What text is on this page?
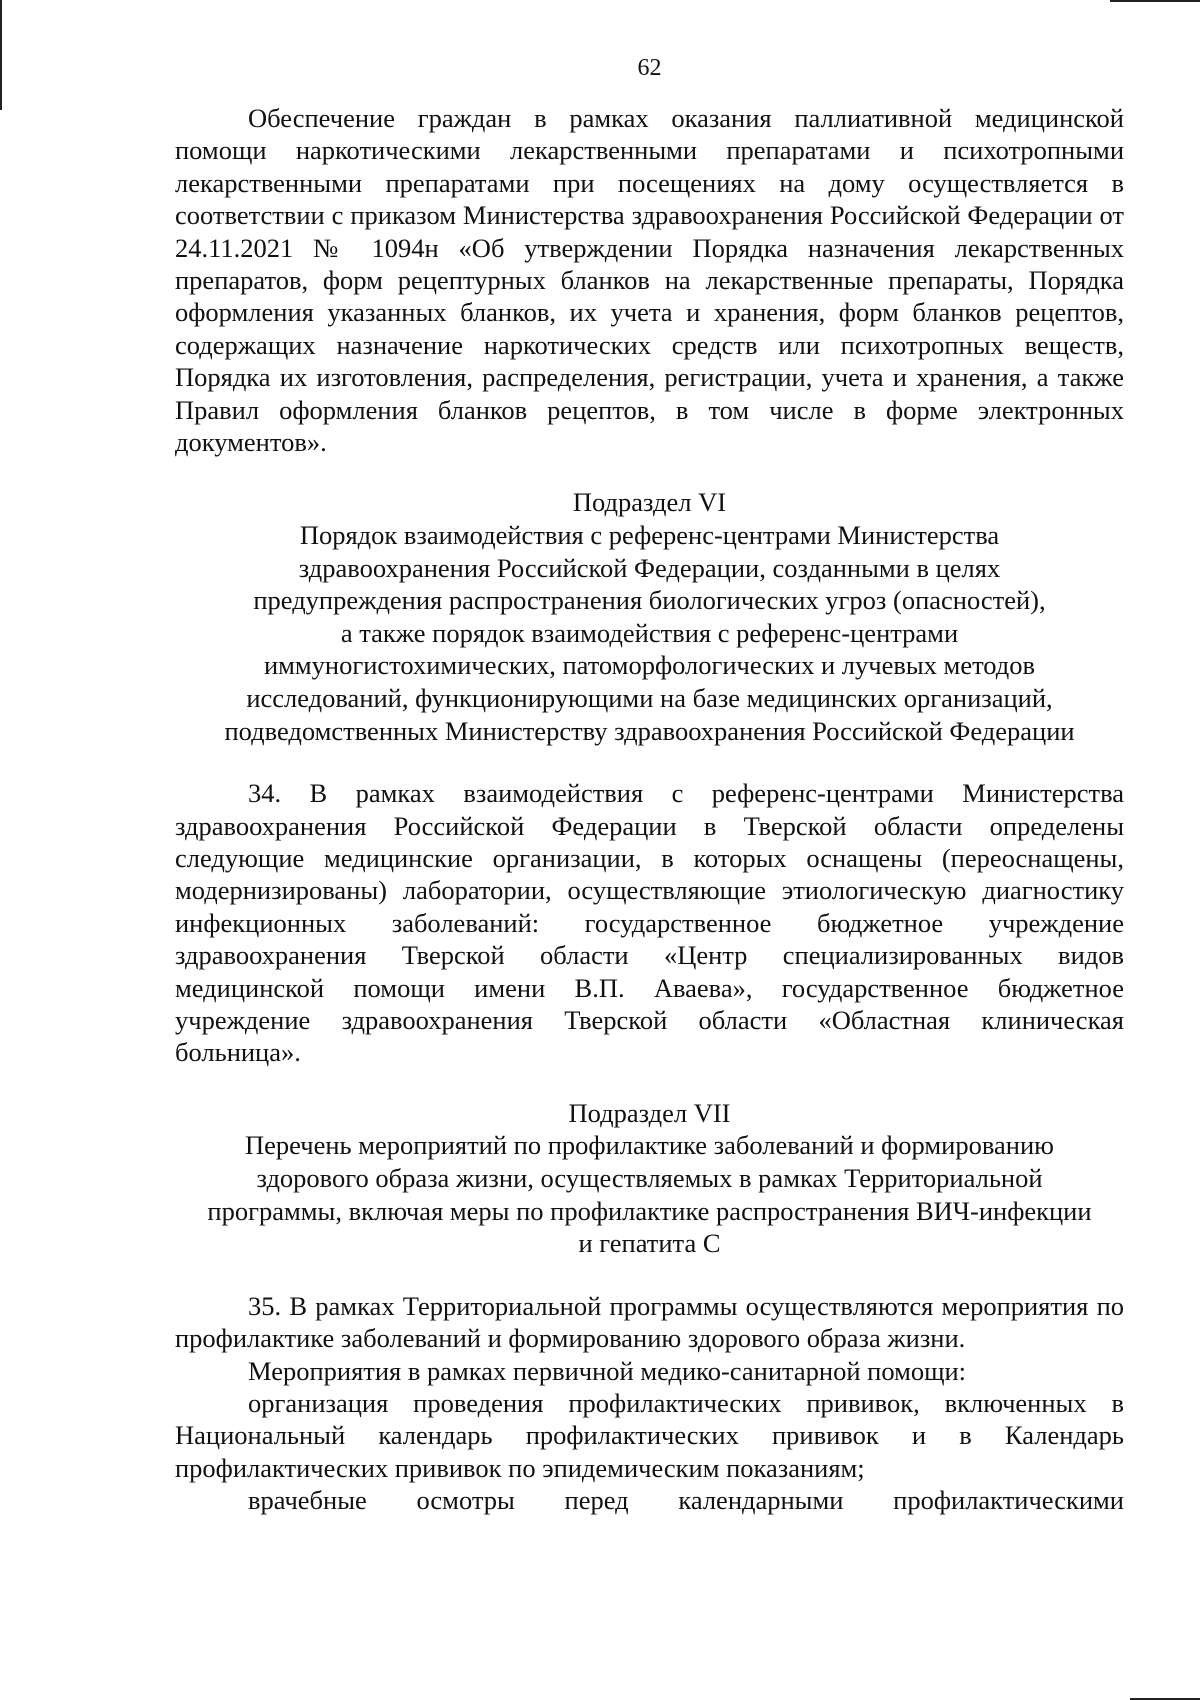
62

Обеспечение граждан в рамках оказания паллиативной медицинской помощи наркотическими лекарственными препаратами и психотропными лекарственными препаратами при посещениях на дому осуществляется в соответствии с приказом Министерства здравоохранения Российской Федерации от 24.11.2021 № 1094н «Об утверждении Порядка назначения лекарственных препаратов, форм рецептурных бланков на лекарственные препараты, Порядка оформления указанных бланков, их учета и хранения, форм бланков рецептов, содержащих назначение наркотических средств или психотропных веществ, Порядка их изготовления, распределения, регистрации, учета и хранения, а также Правил оформления бланков рецептов, в том числе в форме электронных документов».

Подраздел VI
Порядок взаимодействия с референс-центрами Министерства
здравоохранения Российской Федерации, созданными в целях
предупреждения распространения биологических угроз (опасностей),
а также порядок взаимодействия с референс-центрами
иммуногистохимических, патоморфологических и лучевых методов
исследований, функционирующими на базе медицинских организаций,
подведомственных Министерству здравоохранения Российской Федерации

34. В рамках взаимодействия с референс-центрами Министерства здравоохранения Российской Федерации в Тверской области определены следующие медицинские организации, в которых оснащены (переоснащены, модернизированы) лаборатории, осуществляющие этиологическую диагностику инфекционных заболеваний: государственное бюджетное учреждение здравоохранения Тверской области «Центр специализированных видов медицинской помощи имени В.П. Аваева», государственное бюджетное учреждение здравоохранения Тверской области «Областная клиническая больница».

Подраздел VII
Перечень мероприятий по профилактике заболеваний и формированию
здорового образа жизни, осуществляемых в рамках Территориальной
программы, включая меры по профилактике распространения ВИЧ-инфекции
и гепатита С

35. В рамках Территориальной программы осуществляются мероприятия по профилактике заболеваний и формированию здорового образа жизни.

Мероприятия в рамках первичной медико-санитарной помощи:

организация проведения профилактических прививок, включенных в Национальный календарь профилактических прививок и в Календарь профилактических прививок по эпидемическим показаниям;

врачебные осмотры перед календарными профилактическими
